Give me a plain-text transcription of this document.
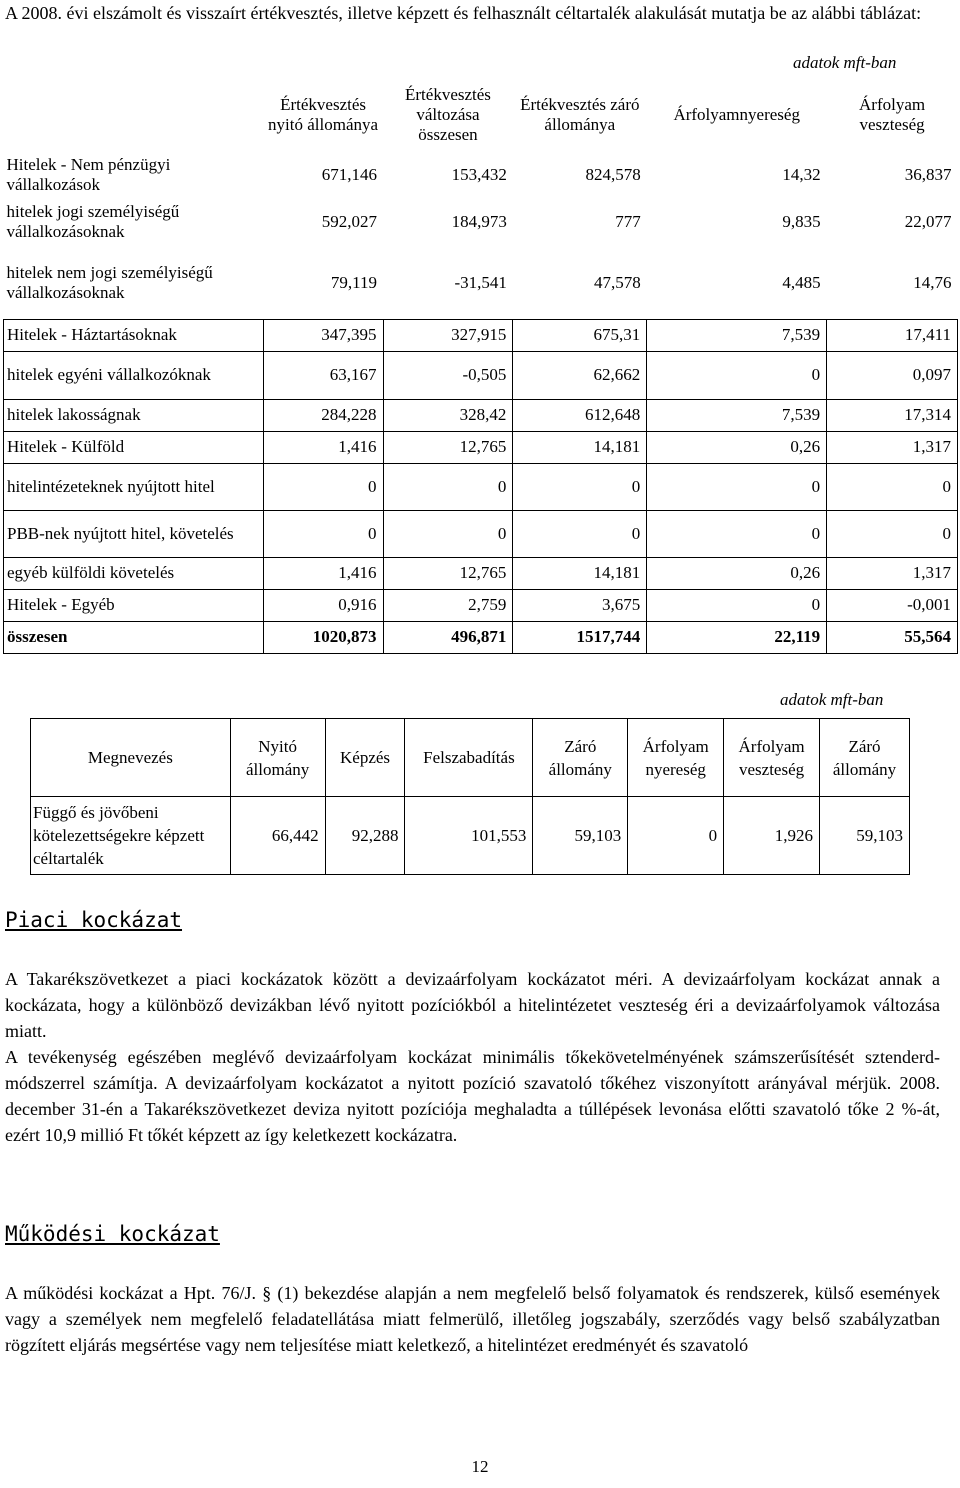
A 2008. évi elszámolt és visszaírt értékvesztés, illetve képzett és felhasznált céltartalék alakulását mutatja be az alábbi táblázat:
adatok mft-ban
	Értékvesztés nyitó állománya	Értékvesztés változása összesen	Értékvesztés záró állománya	Árfolyamnyereség	Árfolyam veszteség
Hitelek - Nem pénzügyi vállalkozások	671,146	153,432	824,578	14,32	36,837
hitelek jogi személyiségű vállalkozásoknak	592,027	184,973	777	9,835	22,077
hitelek nem jogi személyiségű vállalkozásoknak	79,119	-31,541	47,578	4,485	14,76
Hitelek - Háztartásoknak	347,395	327,915	675,31	7,539	17,411
hitelek egyéni vállalkozóknak	63,167	-0,505	62,662	0	0,097
hitelek lakosságnak	284,228	328,42	612,648	7,539	17,314
Hitelek - Külföld	1,416	12,765	14,181	0,26	1,317
hitelintézeteknek nyújtott hitel	0	0	0	0	0
PBB-nek nyújtott hitel, követelés	0	0	0	0	0
egyéb külföldi követelés	1,416	12,765	14,181	0,26	1,317
Hitelek - Egyéb	0,916	2,759	3,675	0	-0,001
összesen	1020,873	496,871	1517,744	22,119	55,564
adatok mft-ban
Megnevezés	Nyitó állomány	Képzés	Felszabadítás	Záró állomány	Árfolyam nyereség	Árfolyam veszteség	Záró állomány
Függő és jövőbeni kötelezettségekre képzett céltartalék	66,442	92,288	101,553	59,103	0	1,926	59,103
Piaci kockázat

A Takarékszövetkezet a piaci kockázatok között a devizaárfolyam kockázatot méri. A devizaárfolyam kockázat annak a kockázata, hogy a különböző devizákban lévő nyitott pozíciókból a hitelintézetet veszteség éri a devizaárfolyamok változása miatt.

A tevékenység egészében meglévő devizaárfolyam kockázat minimális tőkekövetelményének számszerűsítését sztenderd-módszerrel számítja. A devizaárfolyam kockázatot a nyitott pozíció szavatoló tőkéhez viszonyított arányával mérjük. 2008. december 31-én a Takarékszövetkezet deviza nyitott pozíciója meghaladta a túllépések levonása előtti szavatoló tőke 2 %-át, ezért 10,9 millió Ft tőkét képzett az így keletkezett kockázatra.

Működési kockázat

A működési kockázat a Hpt. 76/J. § (1) bekezdése alapján a nem megfelelő belső folyamatok és rendszerek, külső események vagy a személyek nem megfelelő feladatellátása miatt felmerülő, illetőleg jogszabály, szerződés vagy belső szabályzatban rögzített eljárás megsértése vagy nem teljesítése miatt keletkező, a hitelintézet eredményét és szavatoló

12
